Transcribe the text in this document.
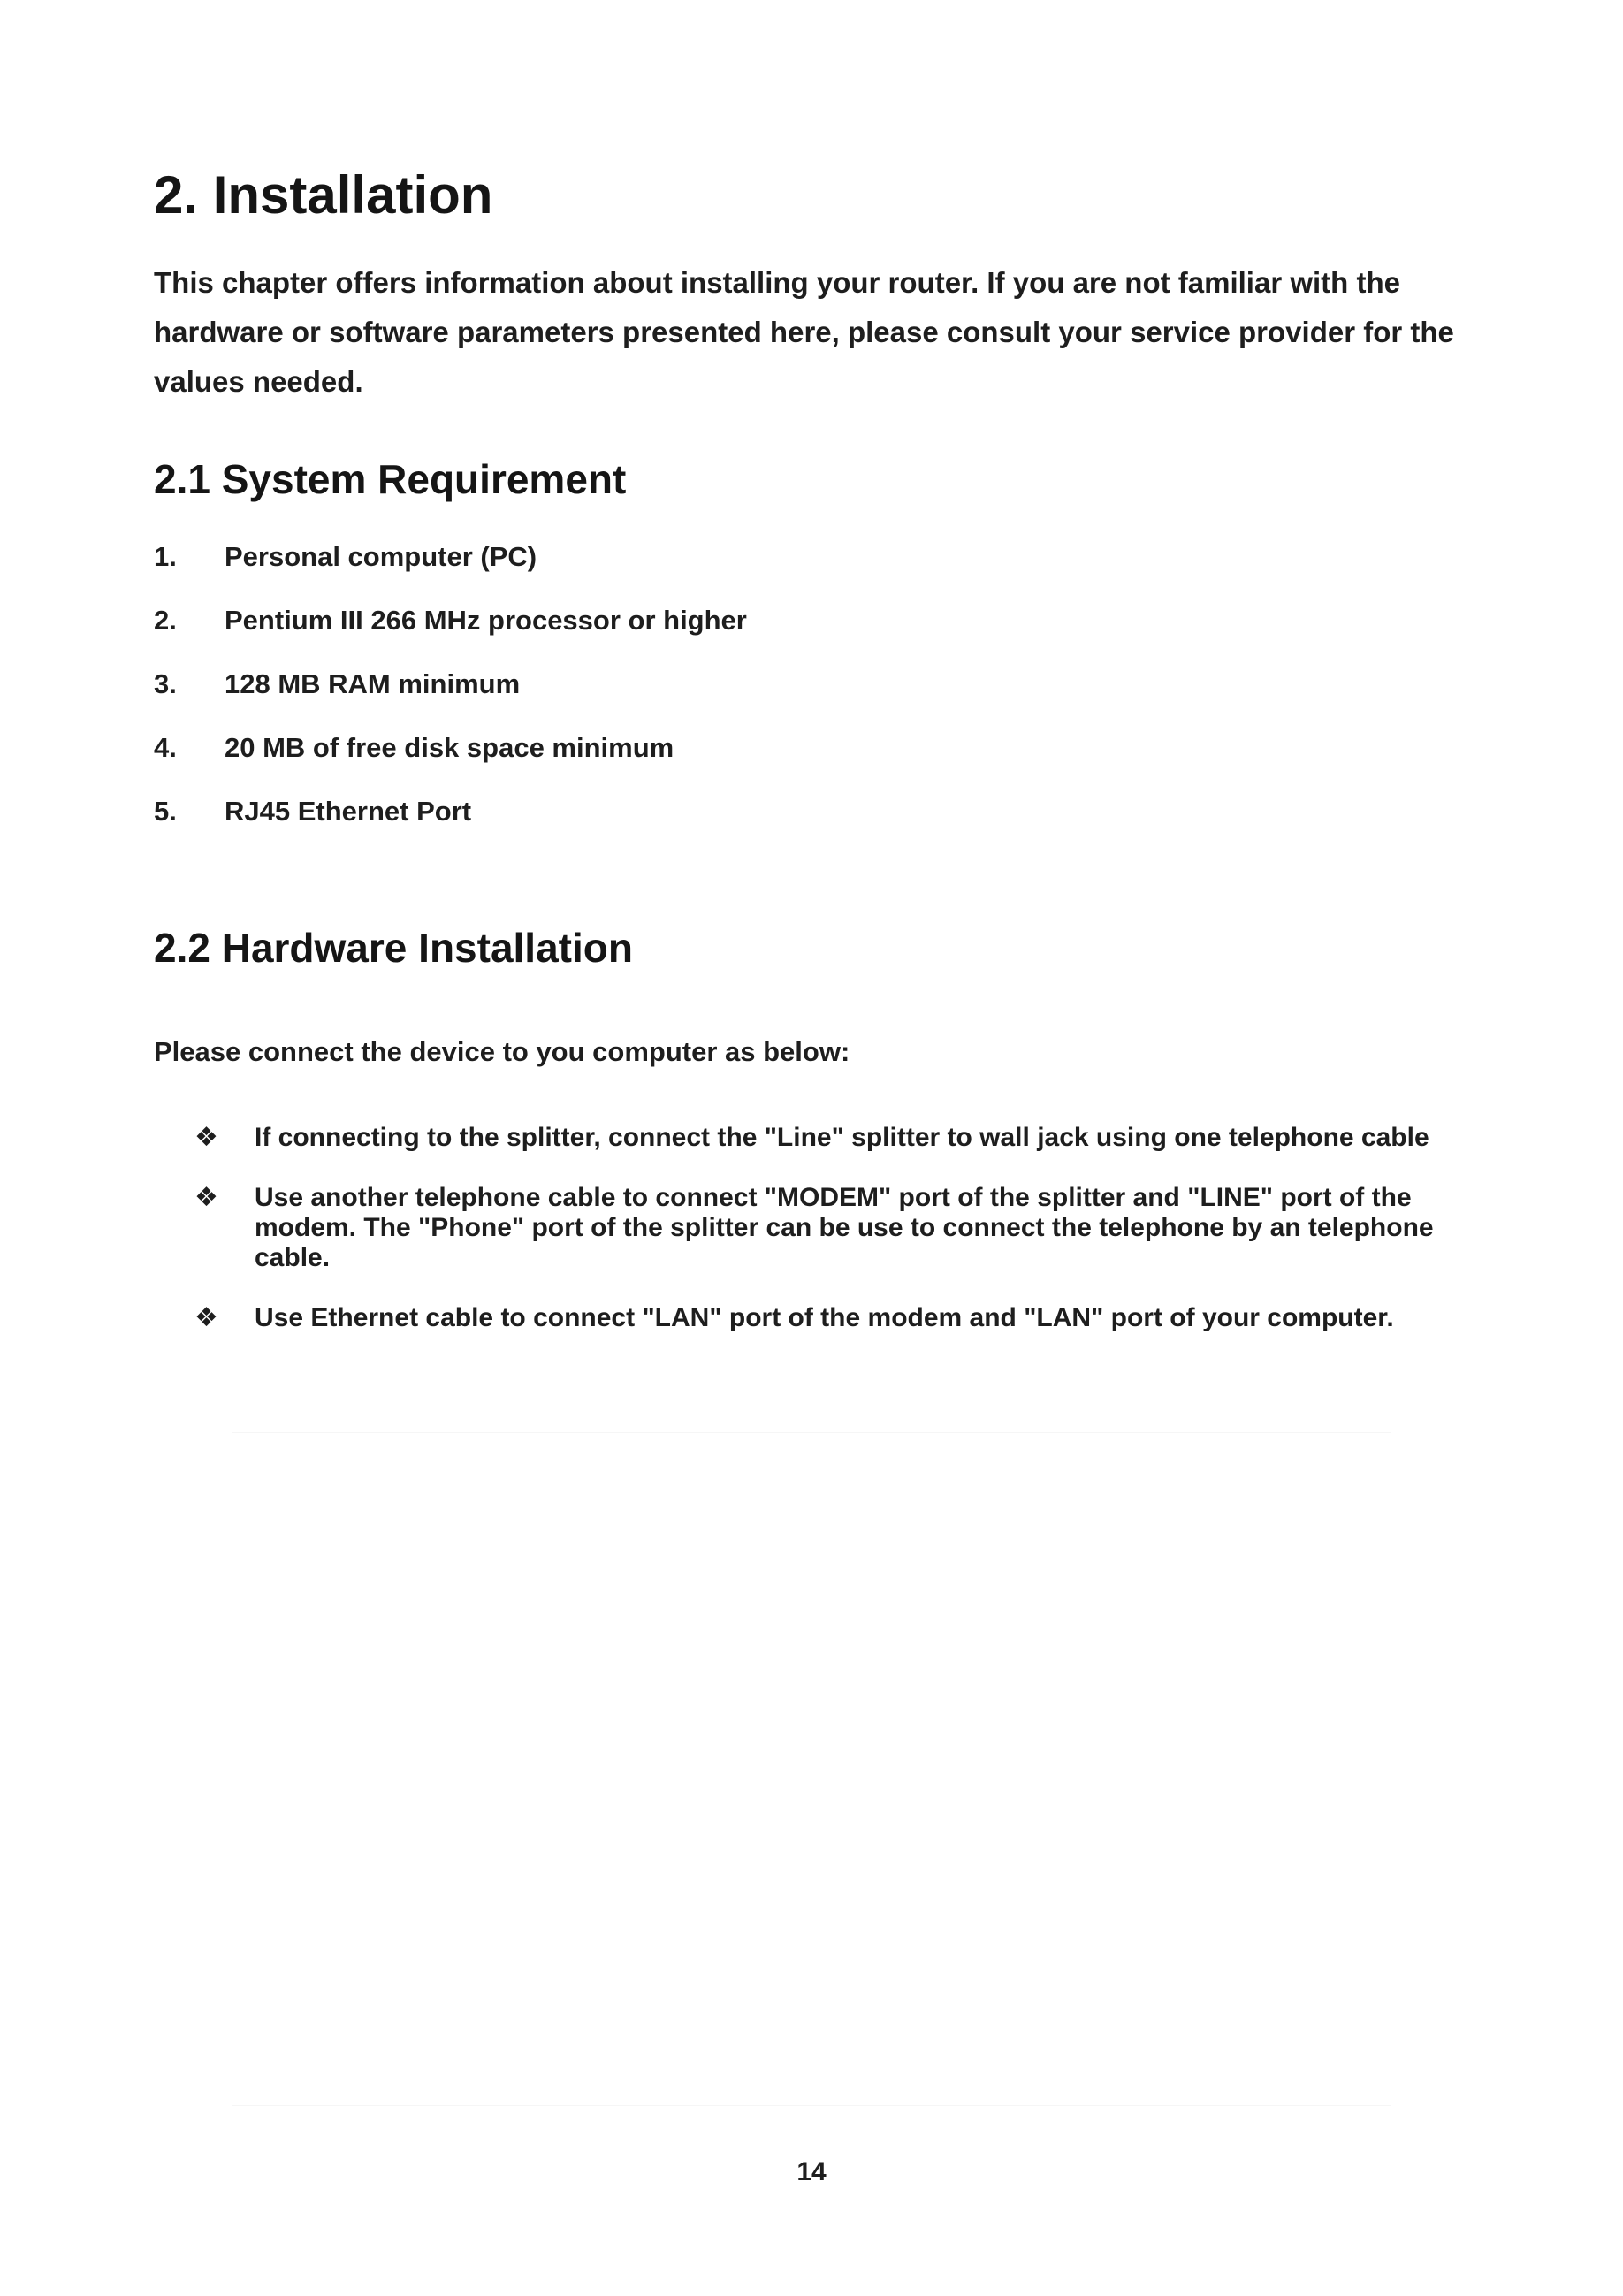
2. Installation

This chapter offers information about installing your router. If you are not familiar with the hardware or software parameters presented here, please consult your service provider for the values needed.

2.1 System Requirement
1.	Personal computer (PC)
2.	Pentium III 266 MHz processor or higher
3.	128 MB RAM minimum
4.	20 MB of free disk space minimum
5.	RJ45 Ethernet Port
2.2 Hardware Installation

Please connect the device to you computer as below:

❖	If connecting to the splitter, connect the "Line" splitter to wall jack using one telephone cable
❖	Use another telephone cable to connect "MODEM" port of the splitter and "LINE" port of the modem. The "Phone" port of the splitter can be use to connect the telephone by an telephone cable.
❖	Use Ethernet cable to connect "LAN" port of the modem and "LAN" port of your computer.
14
